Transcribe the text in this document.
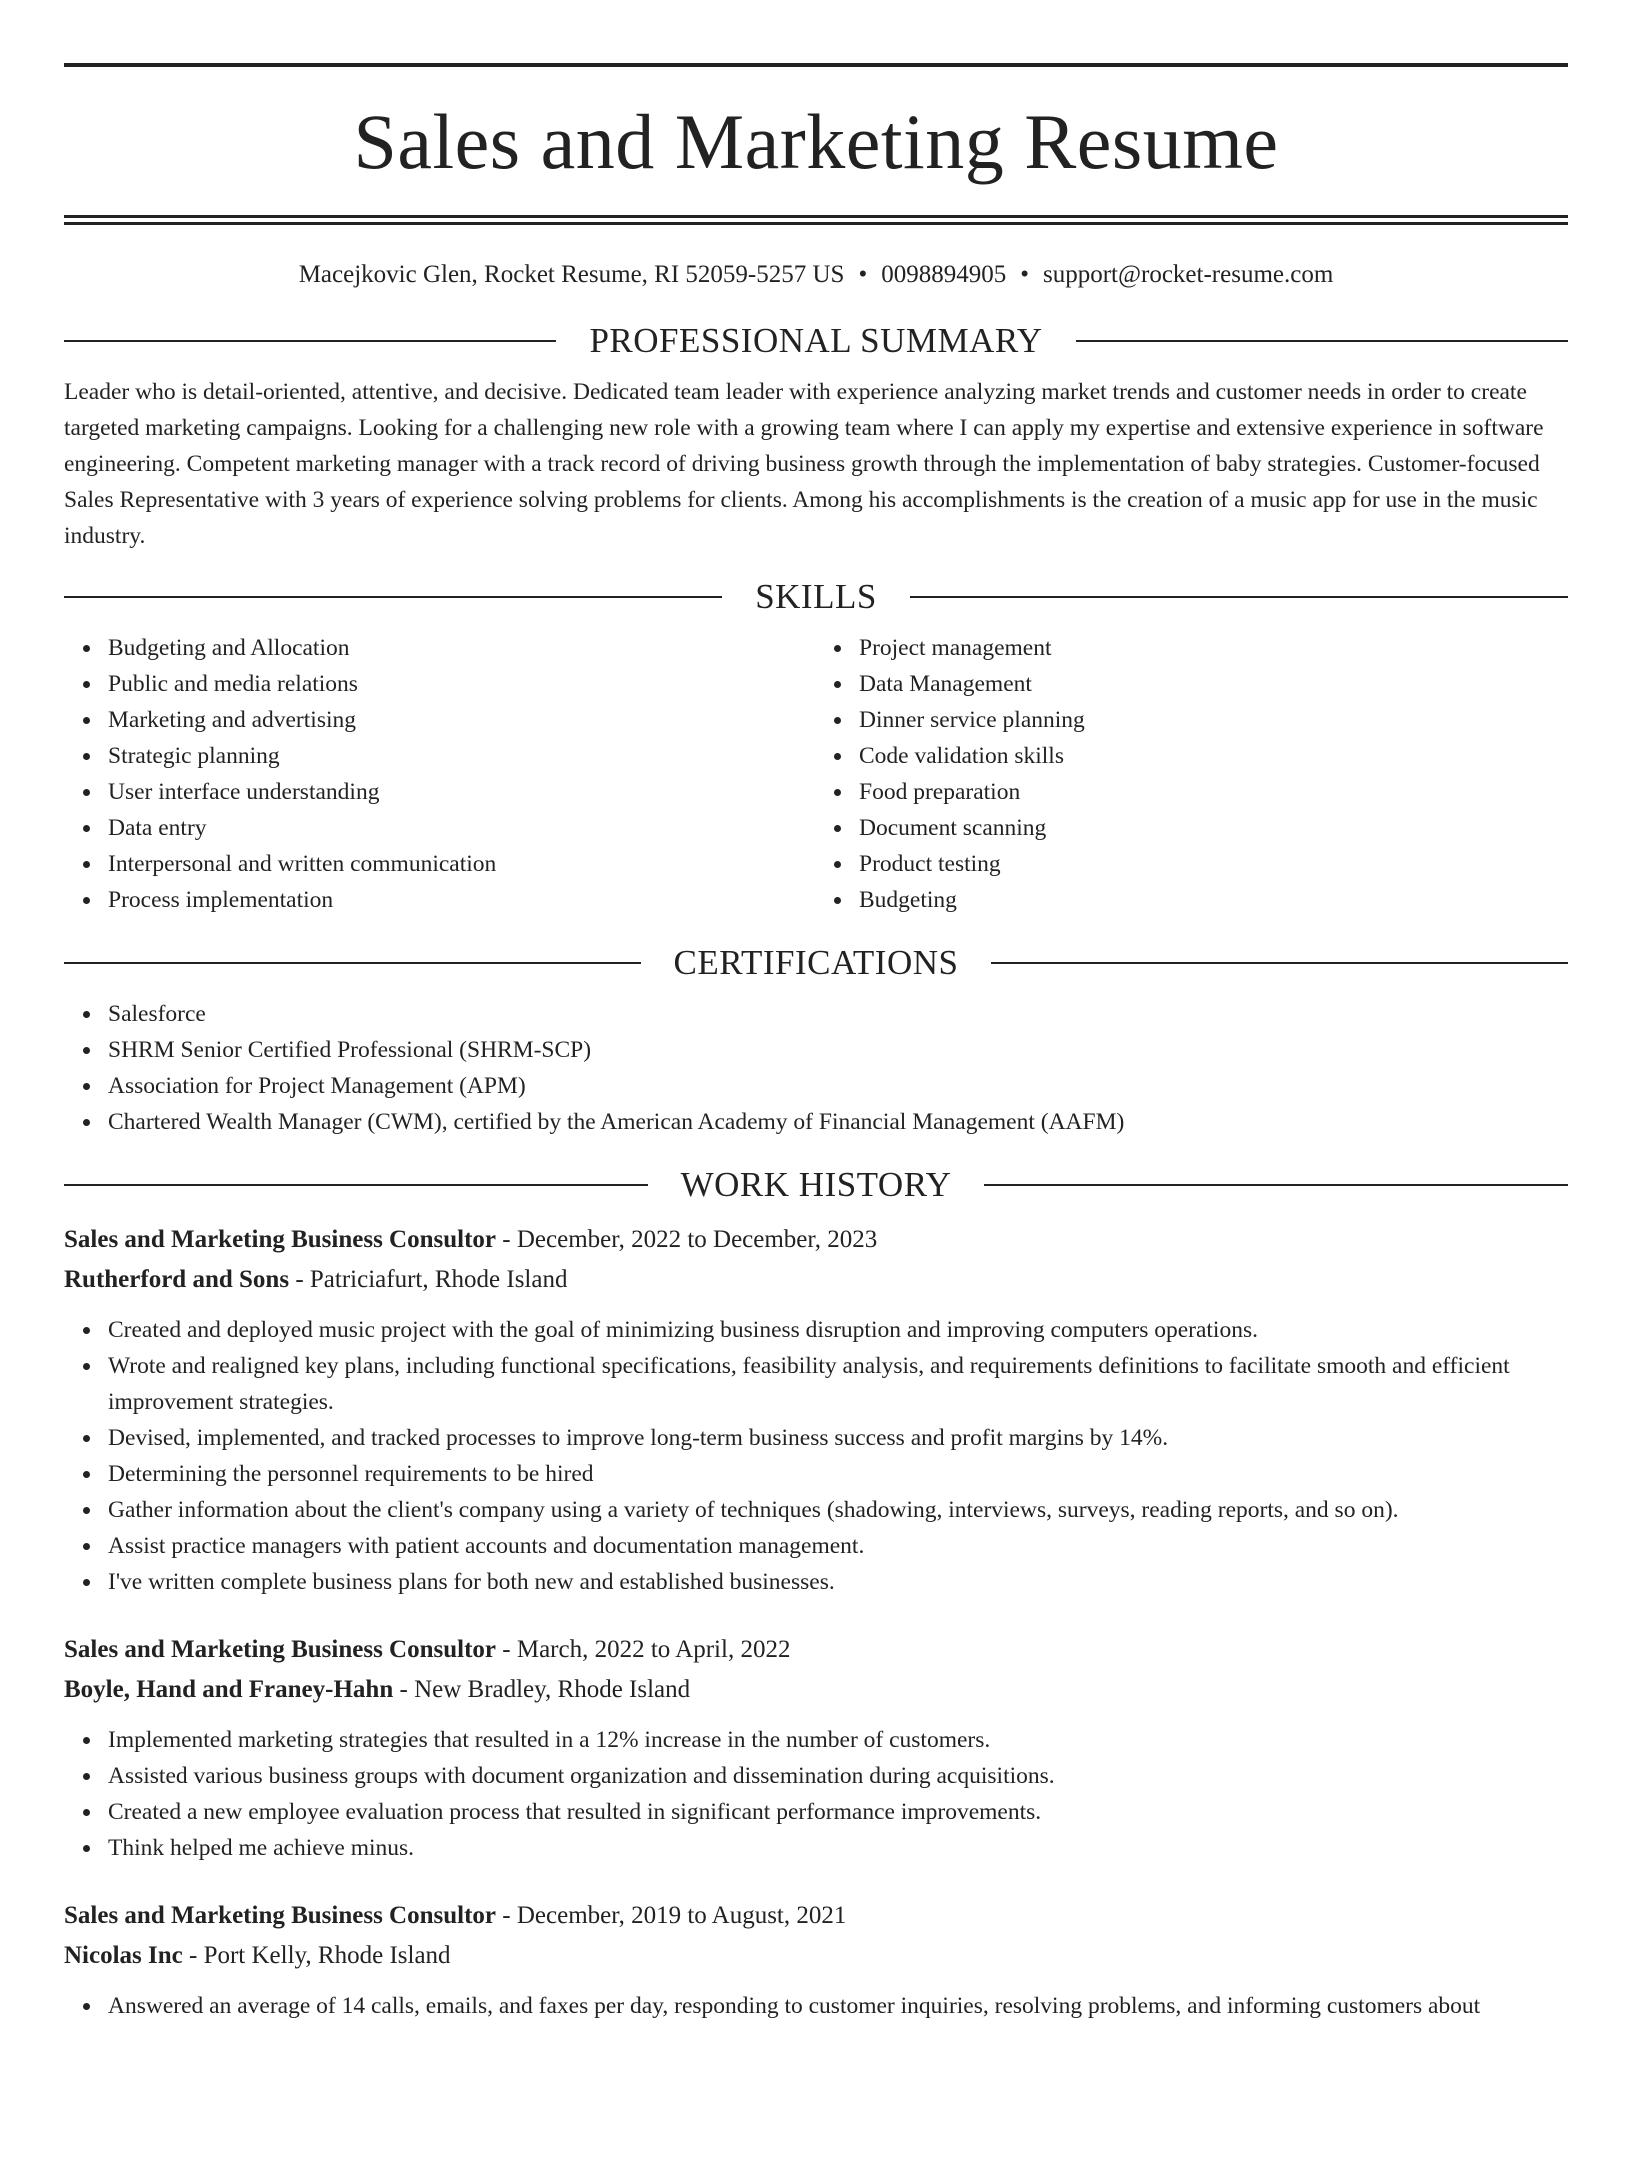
Sales and Marketing Resume
Macejkovic Glen, Rocket Resume, RI 52059-5257 US • 0098894905 • support@rocket-resume.com
PROFESSIONAL SUMMARY

Leader who is detail-oriented, attentive, and decisive. Dedicated team leader with experience analyzing market trends and customer needs in order to create targeted marketing campaigns. Looking for a challenging new role with a growing team where I can apply my expertise and extensive experience in software engineering. Competent marketing manager with a track record of driving business growth through the implementation of baby strategies. Customer-focused Sales Representative with 3 years of experience solving problems for clients. Among his accomplishments is the creation of a music app for use in the music industry.

SKILLS
Budgeting and Allocation
Public and media relations
Marketing and advertising
Strategic planning
User interface understanding
Data entry
Interpersonal and written communication
Process implementation
Project management
Data Management
Dinner service planning
Code validation skills
Food preparation
Document scanning
Product testing
Budgeting
CERTIFICATIONS
Salesforce
SHRM Senior Certified Professional (SHRM-SCP)
Association for Project Management (APM)
Chartered Wealth Manager (CWM), certified by the American Academy of Financial Management (AAFM)
WORK HISTORY
Sales and Marketing Business Consultor - December, 2022 to December, 2023
Rutherford and Sons - Patriciafurt, Rhode Island
Created and deployed music project with the goal of minimizing business disruption and improving computers operations.
Wrote and realigned key plans, including functional specifications, feasibility analysis, and requirements definitions to facilitate smooth and efficient improvement strategies.
Devised, implemented, and tracked processes to improve long-term business success and profit margins by 14%.
Determining the personnel requirements to be hired
Gather information about the client's company using a variety of techniques (shadowing, interviews, surveys, reading reports, and so on).
Assist practice managers with patient accounts and documentation management.
I've written complete business plans for both new and established businesses.
Sales and Marketing Business Consultor - March, 2022 to April, 2022
Boyle, Hand and Franey-Hahn - New Bradley, Rhode Island
Implemented marketing strategies that resulted in a 12% increase in the number of customers.
Assisted various business groups with document organization and dissemination during acquisitions.
Created a new employee evaluation process that resulted in significant performance improvements.
Think helped me achieve minus.
Sales and Marketing Business Consultor - December, 2019 to August, 2021
Nicolas Inc - Port Kelly, Rhode Island
Answered an average of 14 calls, emails, and faxes per day, responding to customer inquiries, resolving problems, and informing customers about
